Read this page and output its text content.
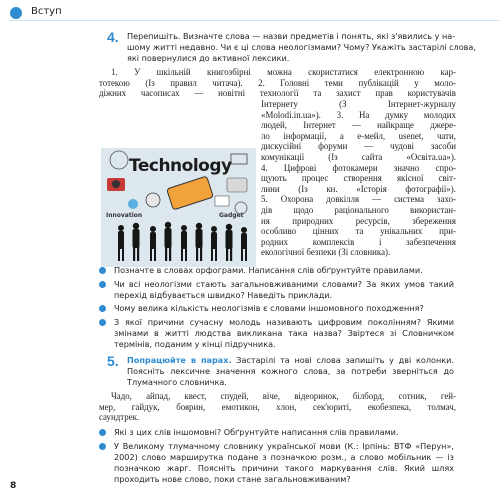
Вступ
4. Перепишіть. Визначте слова — назви предметів і понять, які з'явились у на-
шому житті недавно. Чи є ці слова неологізмами? Чому? Укажіть застарілі слова,
які повернулися до активної лексики.
1. У шкільній книгозбірні можна скористатися електронною кар-
тотекою (Із правил читача). 2. Головні теми публікацій у моло-
діжних часописах — новітні технології та захист прав користувачів
Technology
Innovation	Gadget
Інтернету (З Інтернет-журналу
«Molodi.in.ua»). 3. На думку молодих
людей, Інтернет — найкраще джере-
ло інформації, а е-мейл, usenet, чати,
дискусійні форуми — чудові засоби
комунікації (Із сайта «Освіта.ua»).
4. Цифрові фотокамери значно спро-
щують процес створення якісної світ-
лини (Із кн. «Історія фотографії»).
5. Охорона довкілля — система захо-
дів щодо раціонального використан-
ня природних ресурсів, збереження
особливо цінних та унікальних при-
родних комплексів і забезпечення
екологічної безпеки (Зі словника).
Позначте в словах орфограми. Написання слів обґрунтуйте правилами.
Чи всі неологізми стають загальновживаними словами? За яких умов такий перехід відбувається швидко? Наведіть приклади.
Чому велика кількість неологізмів є словами іншомовного походження?
З якої причини сучасну молодь називають цифровим поколінням? Якими змінами в житті людства викликана така назва? Звіртеся зі Словничком термінів, поданим у кінці підручника.
5. Попрацюйте в парах. Застарілі та нові слова запишіть у дві колонки. Поясніть лексичне значення кожного слова, за потреби зверніться до Тлумачного словничка.
Чадо, айпад, квест, спудей, віче, відеоринок, білборд, сотник, гей-
мер, гайдук, боярин, емотикон, хлон, сек'юриті, екобезпека, толмач,
саундтрек.
Які з цих слів іншомовні? Обґрунтуйте написання слів правилами.
У Великому тлумачному словнику української мови (К.: Ірпінь: ВТФ «Перун», 2002) слово марширутка подане з позначкою розм., а слово мобільник — із позначкою жарг. Поясніть причини такого маркування слів. Який шлях проходить нове слово, поки стане загальновживаним?
8
